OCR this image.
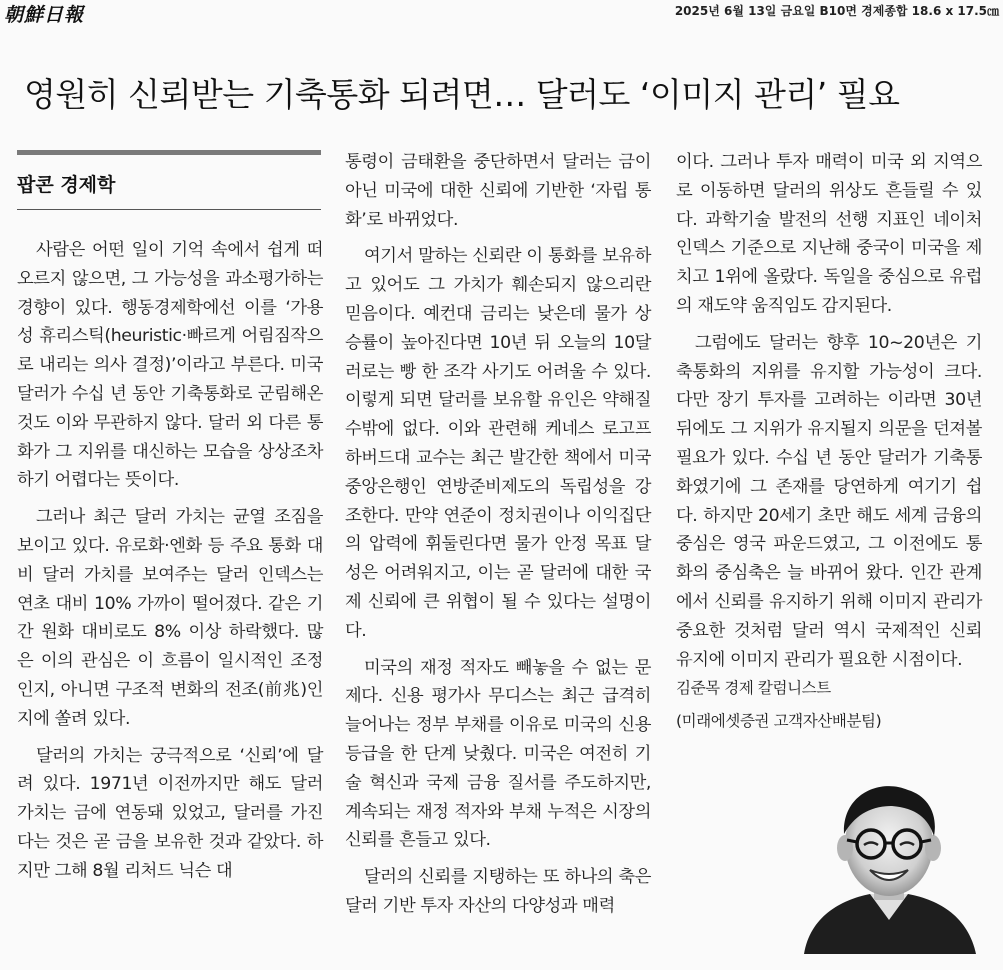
朝鮮日報	2025년 6월 13일 금요일 B10면 경제종합 18.6 x 17.5㎝
영원히 신뢰받는 기축통화 되려면… 달러도 ‘이미지 관리’ 필요
팝콘 경제학

사람은 어떤 일이 기억 속에서 쉽게 떠오르지 않으면, 그 가능성을 과소평가하는 경향이 있다. 행동경제학에선 이를 ‘가용성 휴리스틱(heuristic·빠르게 어림짐작으로 내리는 의사 결정)’이라고 부른다. 미국 달러가 수십 년 동안 기축통화로 군림해온 것도 이와 무관하지 않다. 달러 외 다른 통화가 그 지위를 대신하는 모습을 상상조차 하기 어렵다는 뜻이다.

그러나 최근 달러 가치는 균열 조짐을 보이고 있다. 유로화·엔화 등 주요 통화 대비 달러 가치를 보여주는 달러 인덱스는 연초 대비 10% 가까이 떨어졌다. 같은 기간 원화 대비로도 8% 이상 하락했다. 많은 이의 관심은 이 흐름이 일시적인 조정인지, 아니면 구조적 변화의 전조(前兆)인지에 쏠려 있다.

달러의 가치는 궁극적으로 ‘신뢰’에 달려 있다. 1971년 이전까지만 해도 달러 가치는 금에 연동돼 있었고, 달러를 가진다는 것은 곧 금을 보유한 것과 같았다. 하지만 그해 8월 리처드 닉슨 대

통령이 금태환을 중단하면서 달러는 금이 아닌 미국에 대한 신뢰에 기반한 ‘자립 통화’로 바뀌었다.

여기서 말하는 신뢰란 이 통화를 보유하고 있어도 그 가치가 훼손되지 않으리란 믿음이다. 예컨대 금리는 낮은데 물가 상승률이 높아진다면 10년 뒤 오늘의 10달러로는 빵 한 조각 사기도 어려울 수 있다. 이렇게 되면 달러를 보유할 유인은 약해질 수밖에 없다. 이와 관련해 케네스 로고프 하버드대 교수는 최근 발간한 책에서 미국 중앙은행인 연방준비제도의 독립성을 강조한다. 만약 연준이 정치권이나 이익집단의 압력에 휘둘린다면 물가 안정 목표 달성은 어려워지고, 이는 곧 달러에 대한 국제 신뢰에 큰 위협이 될 수 있다는 설명이다.

미국의 재정 적자도 빼놓을 수 없는 문제다. 신용 평가사 무디스는 최근 급격히 늘어나는 정부 부채를 이유로 미국의 신용 등급을 한 단계 낮췄다. 미국은 여전히 기술 혁신과 국제 금융 질서를 주도하지만, 계속되는 재정 적자와 부채 누적은 시장의 신뢰를 흔들고 있다.

달러의 신뢰를 지탱하는 또 하나의 축은 달러 기반 투자 자산의 다양성과 매력

이다. 그러나 투자 매력이 미국 외 지역으로 이동하면 달러의 위상도 흔들릴 수 있다. 과학기술 발전의 선행 지표인 네이처 인덱스 기준으로 지난해 중국이 미국을 제치고 1위에 올랐다. 독일을 중심으로 유럽의 재도약 움직임도 감지된다.

그럼에도 달러는 향후 10~20년은 기축통화의 지위를 유지할 가능성이 크다. 다만 장기 투자를 고려하는 이라면 30년 뒤에도 그 지위가 유지될지 의문을 던져볼 필요가 있다. 수십 년 동안 달러가 기축통화였기에 그 존재를 당연하게 여기기 쉽다. 하지만 20세기 초만 해도 세계 금융의 중심은 영국 파운드였고, 그 이전에도 통화의 중심축은 늘 바뀌어 왔다. 인간 관계에서 신뢰를 유지하기 위해 이미지 관리가 중요한 것처럼 달러 역시 국제적인 신뢰 유지에 이미지 관리가 필요한 시점이다.

김준목 경제 칼럼니스트

(미래에셋증권 고객자산배분팀)
